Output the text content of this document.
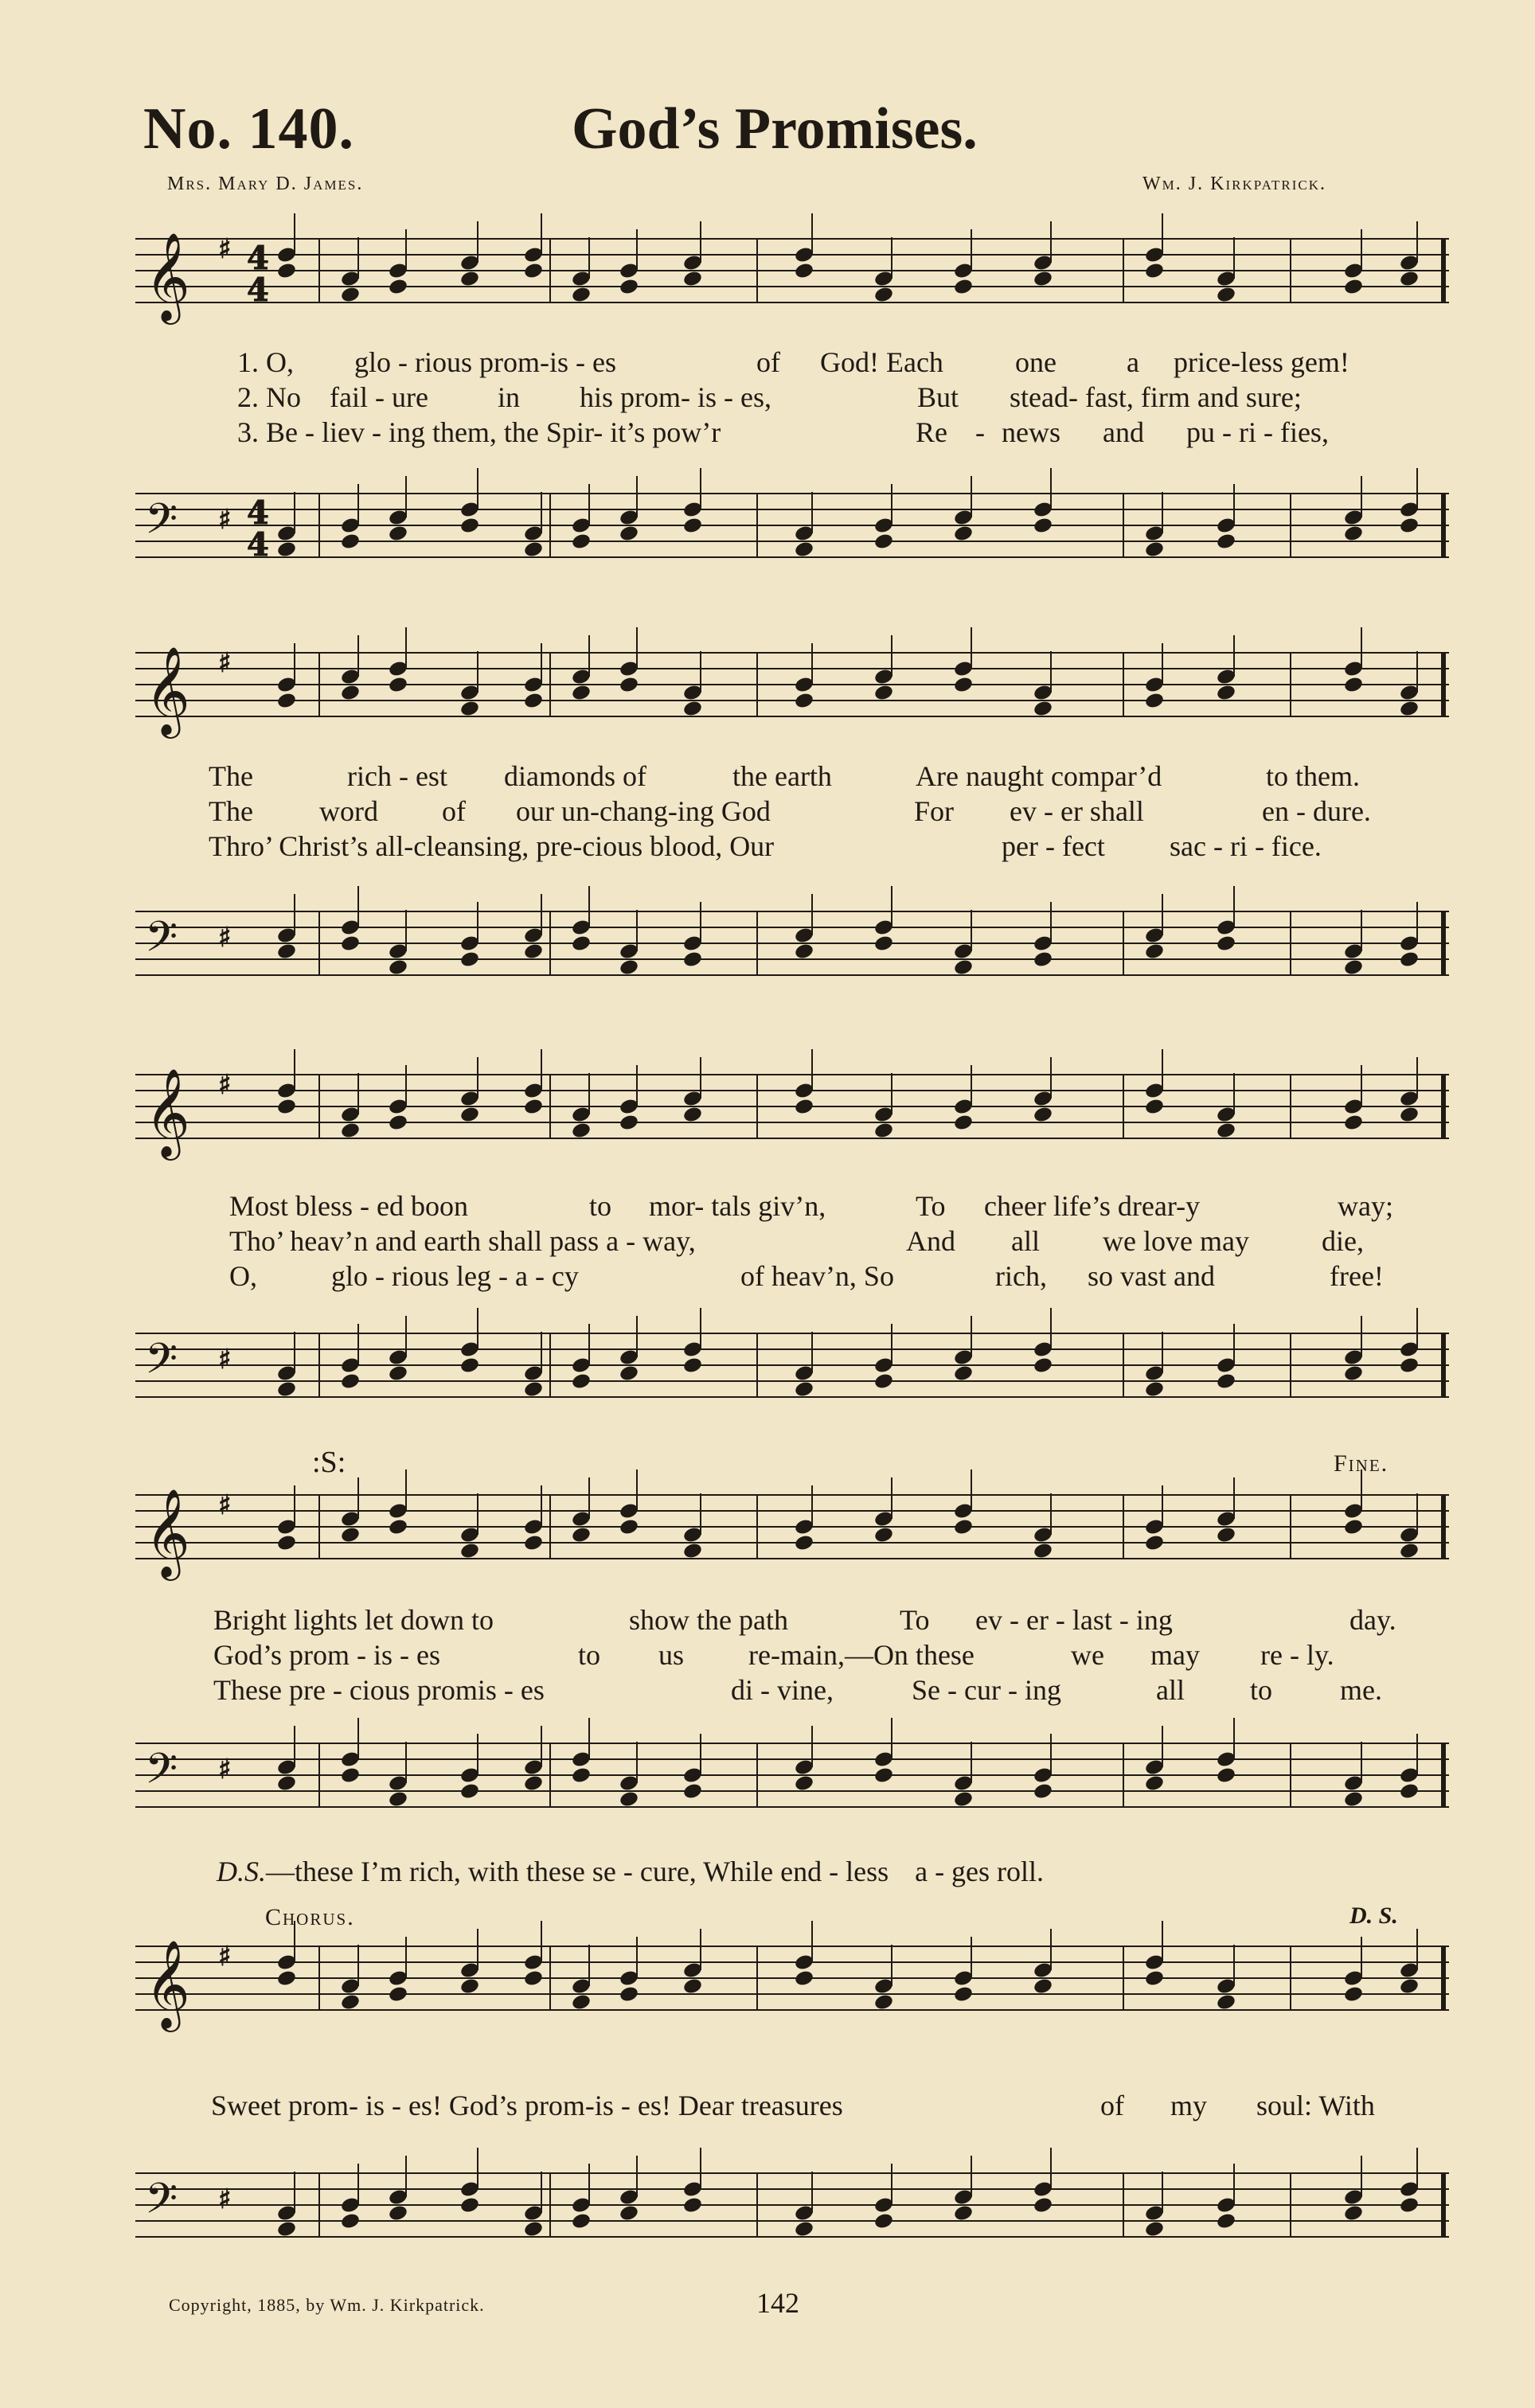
No. 140.	God’s Promises.
Mrs. Mary D. James.	Wm. J. Kirkpatrick.
𝄞 ♯ 4
4
1. O, glo - rious prom-is - es	of God! Each	one a price-less gem!
2. No fail - ure in his prom- is - es,	But stead- fast, firm and sure;
3. Be - liev - ing them, the Spir- it’s pow’r	Re - news and pu - ri - fies,
𝄢 ♯ 4
4
𝄞 ♯
The	rich - est diamonds of	the earth	Are naught compar’d	to them.
The word of our un-chang-ing God	For ev - er shall	en - dure.
Thro’ Christ’s all-cleansing, pre-cious blood, Our	per - fect sac - ri - fice.
𝄢 ♯
𝄞 ♯
Most bless - ed boon	to mor- tals giv’n,	To cheer life’s drear-y	way;
Tho’ heav’n and earth shall pass a - way,	And all we love may	die,
O,	glo - rious leg - a - cy	of heav’n, So	rich, so vast and	free!
𝄢 ♯
:S:	Fine.
𝄞 ♯
Bright lights let down to	show the path	To ev - er - last - ing	day.
God’s prom - is - es	to us re-main,—On these	we may re - ly.
These pre - cious promis - es	di - vine,	Se - cur - ing	all to me.
𝄢 ♯
D.S.—these I’m rich, with these se - cure, While end - less a - ges roll.
Chorus.	D. S.
𝄞 ♯
Sweet prom- is - es! God’s prom-is - es! Dear treasures	of my soul: With
𝄢 ♯
Copyright, 1885, by Wm. J. Kirkpatrick.	142
